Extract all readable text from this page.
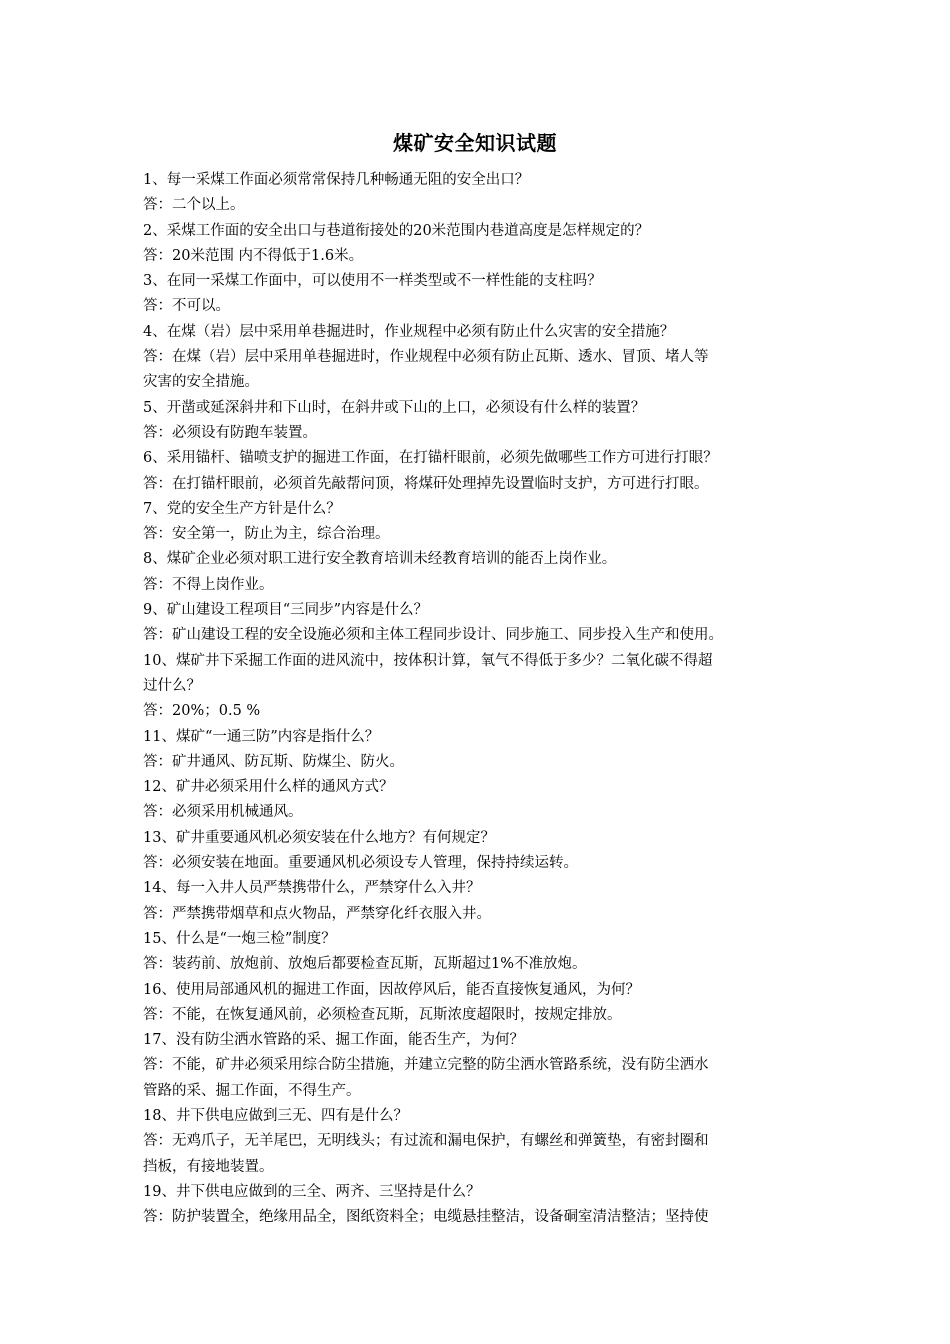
煤矿安全知识试题
1、每一采煤工作面必须常常保持几种畅通无阻的安全出口？
答：二个以上。
2、采煤工作面的安全出口与巷道衔接处的20米范围内巷道高度是怎样规定的？
答：20米范围 内不得低于1.6米。
3、在同一采煤工作面中，可以使用不一样类型或不一样性能的支柱吗？
答：不可以。
4、在煤（岩）层中采用单巷掘进时，作业规程中必须有防止什么灾害的安全措施？
答：在煤（岩）层中采用单巷掘进时，作业规程中必须有防止瓦斯、透水、冒顶、堵人等
灾害的安全措施。
5、开凿或延深斜井和下山时，在斜井或下山的上口，必须设有什么样的装置？
答：必须设有防跑车装置。
6、采用锚杆、锚喷支护的掘进工作面，在打锚杆眼前，必须先做哪些工作方可进行打眼？
答：在打锚杆眼前，必须首先敲帮问顶，将煤矸处理掉先设置临时支护，方可进行打眼。
7、党的安全生产方针是什么？
答：安全第一，防止为主，综合治理。
8、煤矿企业必须对职工进行安全教育培训未经教育培训的能否上岗作业。
答：不得上岗作业。
9、矿山建设工程项目“三同步”内容是什么？
答：矿山建设工程的安全设施必须和主体工程同步设计、同步施工、同步投入生产和使用。
10、煤矿井下采掘工作面的进风流中，按体积计算，氧气不得低于多少？二氧化碳不得超
过什么？
答：20%；0.5 %
11、煤矿“一通三防”内容是指什么？
答：矿井通风、防瓦斯、防煤尘、防火。
12、矿井必须采用什么样的通风方式？
答：必须采用机械通风。
13、矿井重要通风机必须安装在什么地方？有何规定？
答：必须安装在地面。重要通风机必须设专人管理，保持持续运转。
14、每一入井人员严禁携带什么，严禁穿什么入井？
答：严禁携带烟草和点火物品，严禁穿化纤衣服入井。
15、什么是“一炮三检”制度？
答：装药前、放炮前、放炮后都要检查瓦斯，瓦斯超过1%不准放炮。
16、使用局部通风机的掘进工作面，因故停风后，能否直接恢复通风，为何？
答：不能，在恢复通风前，必须检查瓦斯，瓦斯浓度超限时，按规定排放。
17、没有防尘洒水管路的采、掘工作面，能否生产，为何？
答：不能，矿井必须采用综合防尘措施，并建立完整的防尘洒水管路系统，没有防尘洒水
管路的采、掘工作面，不得生产。
18、井下供电应做到三无、四有是什么？
答：无鸡爪子，无羊尾巴，无明线头；有过流和漏电保护，有螺丝和弹簧垫，有密封圈和
挡板，有接地装置。
19、井下供电应做到的三全、两齐、三坚持是什么？
答：防护装置全，绝缘用品全，图纸资料全；电缆悬挂整洁，设备硐室清洁整洁；坚持使
